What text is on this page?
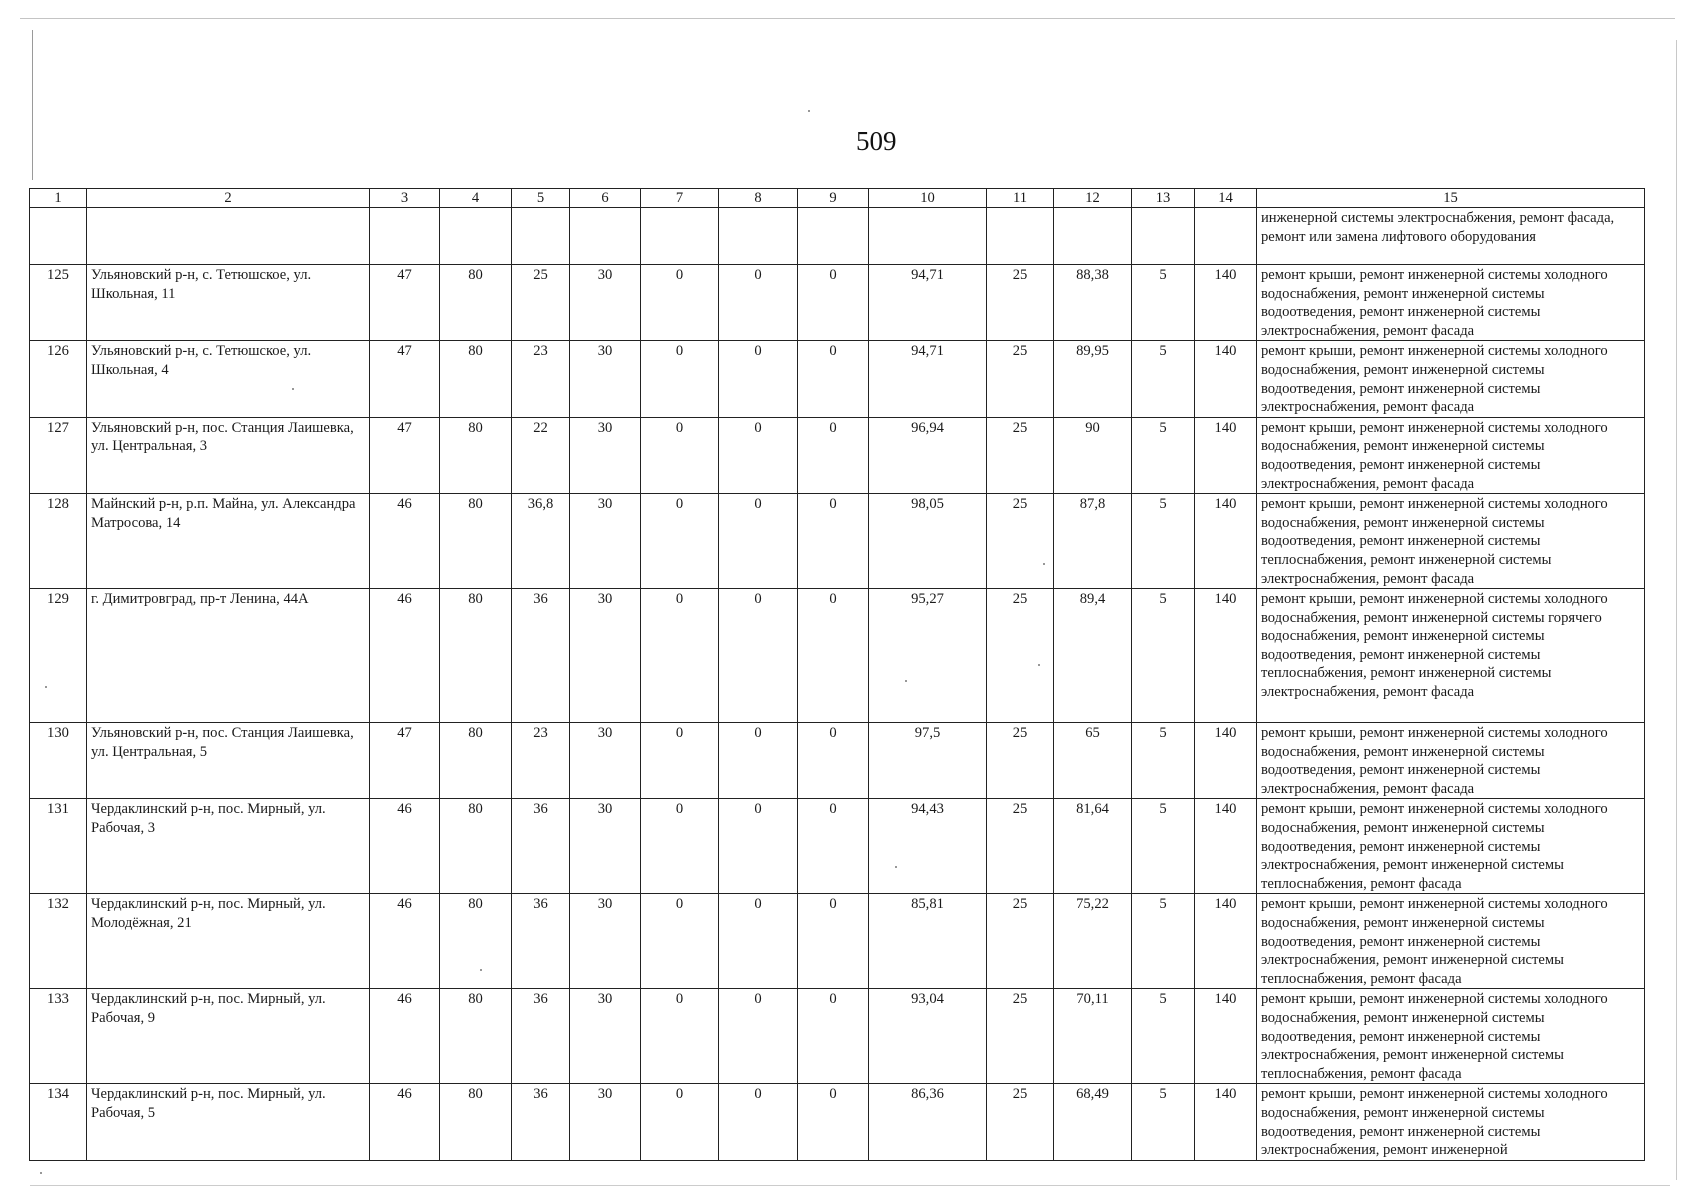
509
1	2	3	4	5	6	7	8	9	10	11	12	13	14	15
														инженерной системы электроснабжения, ремонт фасада, ремонт или замена лифтового оборудования
125	Ульяновский р-н, с. Тетюшское, ул. Школьная, 11	47	80	25	30	0	0	0	94,71	25	88,38	5	140	ремонт крыши, ремонт инженерной системы холодного водоснабжения, ремонт инженерной системы водоотведения, ремонт инженерной системы электроснабжения, ремонт фасада
126	Ульяновский р-н, с. Тетюшское, ул. Школьная, 4	47	80	23	30	0	0	0	94,71	25	89,95	5	140	ремонт крыши, ремонт инженерной системы холодного водоснабжения, ремонт инженерной системы водоотведения, ремонт инженерной системы электроснабжения, ремонт фасада
127	Ульяновский р-н, пос. Станция Лаишевка, ул. Центральная, 3	47	80	22	30	0	0	0	96,94	25	90	5	140	ремонт крыши, ремонт инженерной системы холодного водоснабжения, ремонт инженерной системы водоотведения, ремонт инженерной системы электроснабжения, ремонт фасада
128	Майнский р-н, р.п. Майна, ул. Александра Матросова, 14	46	80	36,8	30	0	0	0	98,05	25	87,8	5	140	ремонт крыши, ремонт инженерной системы холодного водоснабжения, ремонт инженерной системы водоотведения, ремонт инженерной системы теплоснабжения, ремонт инженерной системы электроснабжения, ремонт фасада
129	г. Димитровград, пр-т Ленина, 44А	46	80	36	30	0	0	0	95,27	25	89,4	5	140	ремонт крыши, ремонт инженерной системы холодного водоснабжения, ремонт инженерной системы горячего водоснабжения, ремонт инженерной системы водоотведения, ремонт инженерной системы теплоснабжения, ремонт инженерной системы электроснабжения, ремонт фасада
130	Ульяновский р-н, пос. Станция Лаишевка, ул. Центральная, 5	47	80	23	30	0	0	0	97,5	25	65	5	140	ремонт крыши, ремонт инженерной системы холодного водоснабжения, ремонт инженерной системы водоотведения, ремонт инженерной системы электроснабжения, ремонт фасада
131	Чердаклинский р-н, пос. Мирный, ул. Рабочая, 3	46	80	36	30	0	0	0	94,43	25	81,64	5	140	ремонт крыши, ремонт инженерной системы холодного водоснабжения, ремонт инженерной системы водоотведения, ремонт инженерной системы электроснабжения, ремонт инженерной системы теплоснабжения, ремонт фасада
132	Чердаклинский р-н, пос. Мирный, ул. Молодёжная, 21	46	80	36	30	0	0	0	85,81	25	75,22	5	140	ремонт крыши, ремонт инженерной системы холодного водоснабжения, ремонт инженерной системы водоотведения, ремонт инженерной системы электроснабжения, ремонт инженерной системы теплоснабжения, ремонт фасада
133	Чердаклинский р-н, пос. Мирный, ул. Рабочая, 9	46	80	36	30	0	0	0	93,04	25	70,11	5	140	ремонт крыши, ремонт инженерной системы холодного водоснабжения, ремонт инженерной системы водоотведения, ремонт инженерной системы электроснабжения, ремонт инженерной системы теплоснабжения, ремонт фасада
134	Чердаклинский р-н, пос. Мирный, ул. Рабочая, 5	46	80	36	30	0	0	0	86,36	25	68,49	5	140	ремонт крыши, ремонт инженерной системы холодного водоснабжения, ремонт инженерной системы водоотведения, ремонт инженерной системы электроснабжения, ремонт инженерной
